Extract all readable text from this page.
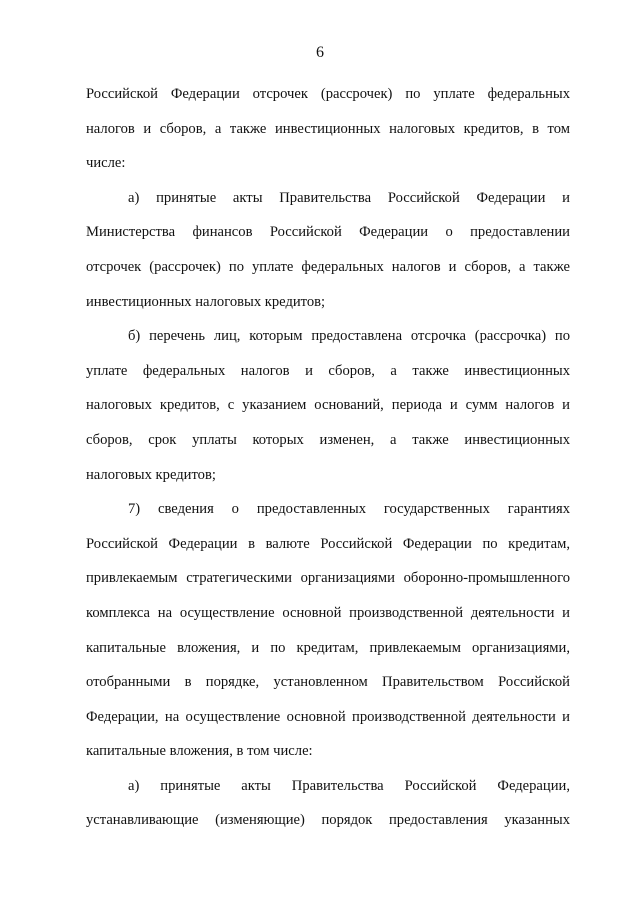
6
Российской Федерации отсрочек (рассрочек) по уплате федеральных
налогов и сборов, а также инвестиционных налоговых кредитов, в том
числе:
а) принятые акты Правительства Российской Федерации и
Министерства финансов Российской Федерации о предоставлении
отсрочек (рассрочек) по уплате федеральных налогов и сборов, а также
инвестиционных налоговых кредитов;
б) перечень лиц, которым предоставлена отсрочка (рассрочка) по
уплате федеральных налогов и сборов, а также инвестиционных
налоговых кредитов, с указанием оснований, периода и сумм налогов и
сборов, срок уплаты которых изменен, а также инвестиционных
налоговых кредитов;
7) сведения о предоставленных государственных гарантиях
Российской Федерации в валюте Российской Федерации по кредитам,
привлекаемым стратегическими организациями оборонно-промышленного
комплекса на осуществление основной производственной деятельности и
капитальные вложения, и по кредитам, привлекаемым организациями,
отобранными в порядке, установленном Правительством Российской
Федерации, на осуществление основной производственной деятельности и
капитальные вложения, в том числе:
а) принятые акты Правительства Российской Федерации,
устанавливающие (изменяющие) порядок предоставления указанных
